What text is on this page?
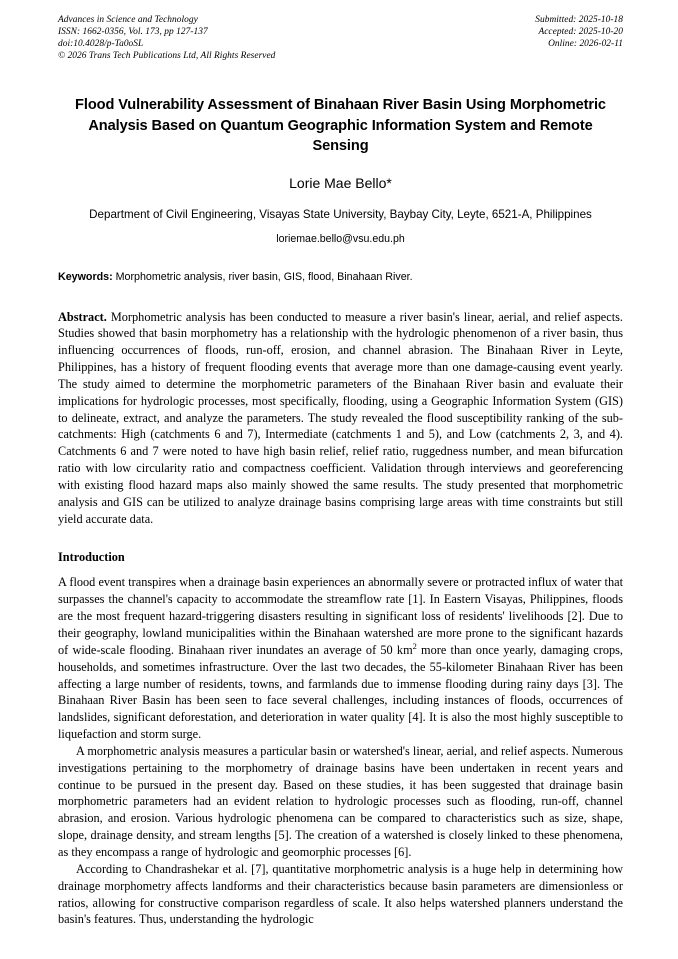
Advances in Science and Technology
ISSN: 1662-0356, Vol. 173, pp 127-137
doi:10.4028/p-Ta0oSL
© 2026 Trans Tech Publications Ltd, All Rights Reserved
Submitted: 2025-10-18
Accepted: 2025-10-20
Online: 2026-02-11
Flood Vulnerability Assessment of Binahaan River Basin Using Morphometric Analysis Based on Quantum Geographic Information System and Remote Sensing
Lorie Mae Bello*
Department of Civil Engineering, Visayas State University, Baybay City, Leyte, 6521-A, Philippines
loriemae.bello@vsu.edu.ph
Keywords: Morphometric analysis, river basin, GIS, flood, Binahaan River.
Abstract. Morphometric analysis has been conducted to measure a river basin's linear, aerial, and relief aspects. Studies showed that basin morphometry has a relationship with the hydrologic phenomenon of a river basin, thus influencing occurrences of floods, run-off, erosion, and channel abrasion. The Binahaan River in Leyte, Philippines, has a history of frequent flooding events that average more than one damage-causing event yearly. The study aimed to determine the morphometric parameters of the Binahaan River basin and evaluate their implications for hydrologic processes, most specifically, flooding, using a Geographic Information System (GIS) to delineate, extract, and analyze the parameters. The study revealed the flood susceptibility ranking of the sub-catchments: High (catchments 6 and 7), Intermediate (catchments 1 and 5), and Low (catchments 2, 3, and 4). Catchments 6 and 7 were noted to have high basin relief, relief ratio, ruggedness number, and mean bifurcation ratio with low circularity ratio and compactness coefficient. Validation through interviews and georeferencing with existing flood hazard maps also mainly showed the same results. The study presented that morphometric analysis and GIS can be utilized to analyze drainage basins comprising large areas with time constraints but still yield accurate data.
Introduction
A flood event transpires when a drainage basin experiences an abnormally severe or protracted influx of water that surpasses the channel's capacity to accommodate the streamflow rate [1]. In Eastern Visayas, Philippines, floods are the most frequent hazard-triggering disasters resulting in significant loss of residents' livelihoods [2]. Due to their geography, lowland municipalities within the Binahaan watershed are more prone to the significant hazards of wide-scale flooding. Binahaan river inundates an average of 50 $km^2$ more than once yearly, damaging crops, households, and sometimes infrastructure. Over the last two decades, the 55-kilometer Binahaan River has been affecting a large number of residents, towns, and farmlands due to immense flooding during rainy days [3]. The Binahaan River Basin has been seen to face several challenges, including instances of floods, occurrences of landslides, significant deforestation, and deterioration in water quality [4]. It is also the most highly susceptible to liquefaction and storm surge.
A morphometric analysis measures a particular basin or watershed's linear, aerial, and relief aspects. Numerous investigations pertaining to the morphometry of drainage basins have been undertaken in recent years and continue to be pursued in the present day. Based on these studies, it has been suggested that drainage basin morphometric parameters had an evident relation to hydrologic processes such as flooding, run-off, channel abrasion, and erosion. Various hydrologic phenomena can be compared to characteristics such as size, shape, slope, drainage density, and stream lengths [5]. The creation of a watershed is closely linked to these phenomena, as they encompass a range of hydrologic and geomorphic processes [6].
According to Chandrashekar et al. [7], quantitative morphometric analysis is a huge help in determining how drainage morphometry affects landforms and their characteristics because basin parameters are dimensionless or ratios, allowing for constructive comparison regardless of scale. It also helps watershed planners understand the basin's features. Thus, understanding the hydrologic
